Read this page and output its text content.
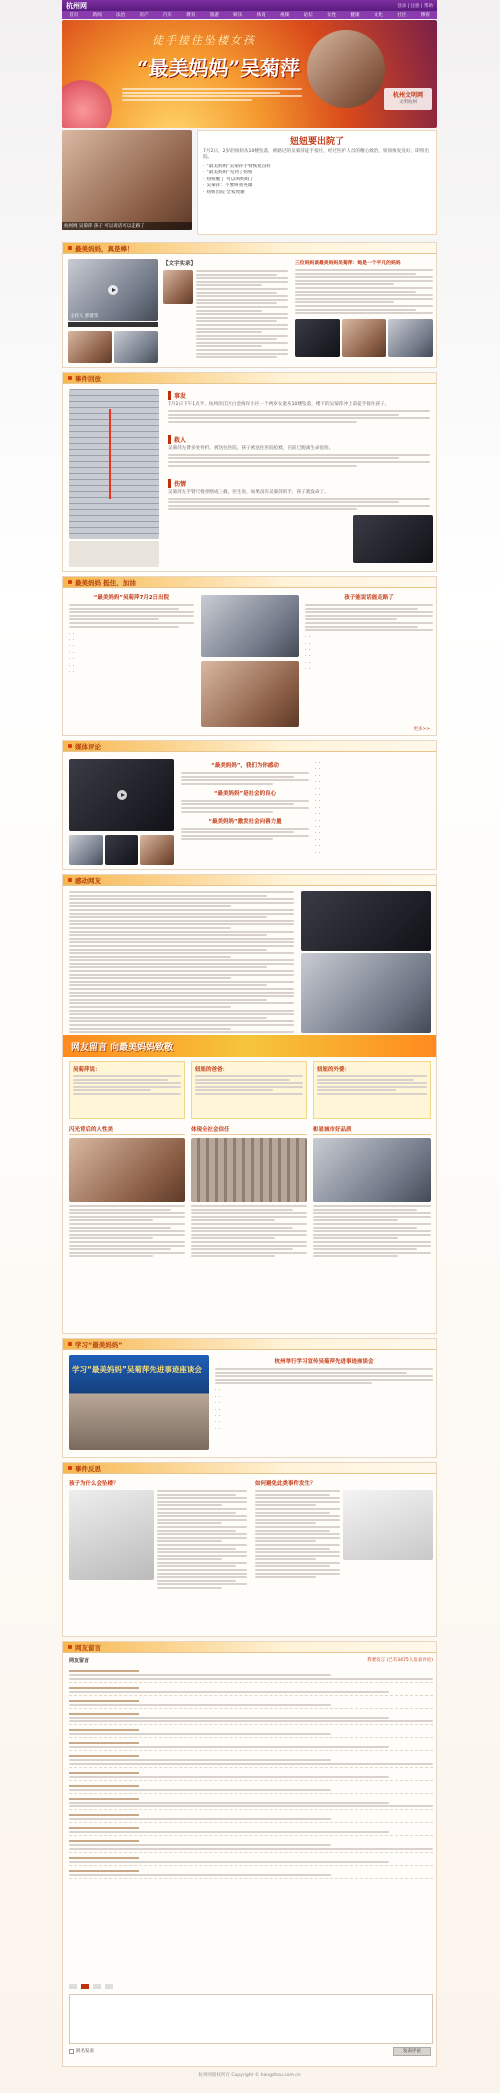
杭州网	登录 | 注册 | 帮助
首页	新闻	法治	房产	汽车	教育	旅游	娱乐	体育	视频	论坛	女性	健康	文化	社区	博客
徒手接住坠楼女孩
“最美妈妈”吴菊萍
杭州文明网
文明杭州
杭州网 吴菊萍 孩子 可以说话可以走路了
妞妞要出院了
7月2日，2岁的妞妞从10楼坠落，被路过的吴菊萍徒手接住，经过医护人员的精心救治，妞妞恢复良好，即将出院。
· “最美妈妈”吴菊萍手臂恢复良好
· “最美妈妈”见到了妞妞
· 妞妞醒了 可以叫妈妈了
· 吴菊萍：不要叫我英雄
· 妞妞出院 全家致谢
最美妈妈，真是棒！
主持人 郭建荣
【文字实录】	三位妈妈谈最美妈妈吴菊萍：她是一个平凡的妈妈
事件回放
事发
7月2日下午1点半，杭州滨江区白金海岸小区一个两岁女童从10楼坠落，楼下的吴菊萍冲上前徒手接住孩子。
救人
吴菊萍左臂多处骨折，被送往医院。孩子被送往医院抢救，目前已脱离生命危险。
伤情
吴菊萍左手臂尺桡骨断成三截，医生说，如果没有吴菊萍的手，孩子就没命了。
最美妈妈 挺住、加油
“最美妈妈”吴菊萍7月2日出院
· ·
· ·
· ·
· ·
· ·
· ·
· ·
孩子能说话能走路了
· ·
· ·
· ·
· ·
· ·
· ·
更多>>
媒体评论
“最美妈妈”，我们为你感动
“最美妈妈”是社会的良心
“最美妈妈”激发社会向善力量
· ·
· ·
· ·
· ·
· ·
· ·
· ·
· ·
· ·
· ·
· ·
· ·
· ·
· ·
· ·
感动网友
网友留言 向最美妈妈致敬
吴菊萍说：	妞妞的爸爸：	妞妞的外婆：
闪光背后的人性美	体现全社会信任	彰显城市好品质
学习“最美妈妈”
学习“最美妈妈”吴菊萍先进事迹座谈会
杭州举行学习宣传吴菊萍先进事迹座谈会
· ·
· ·
· ·
· ·
· ·
· ·
· ·
事件反思
孩子为什么会坠楼？	如何避免此类事件发生？
网友留言
网友留言	我要发言 (已有3475人发表评论)
匿名发表	发表评论
杭州网版权所有 Copyright © hangzhou.com.cn
